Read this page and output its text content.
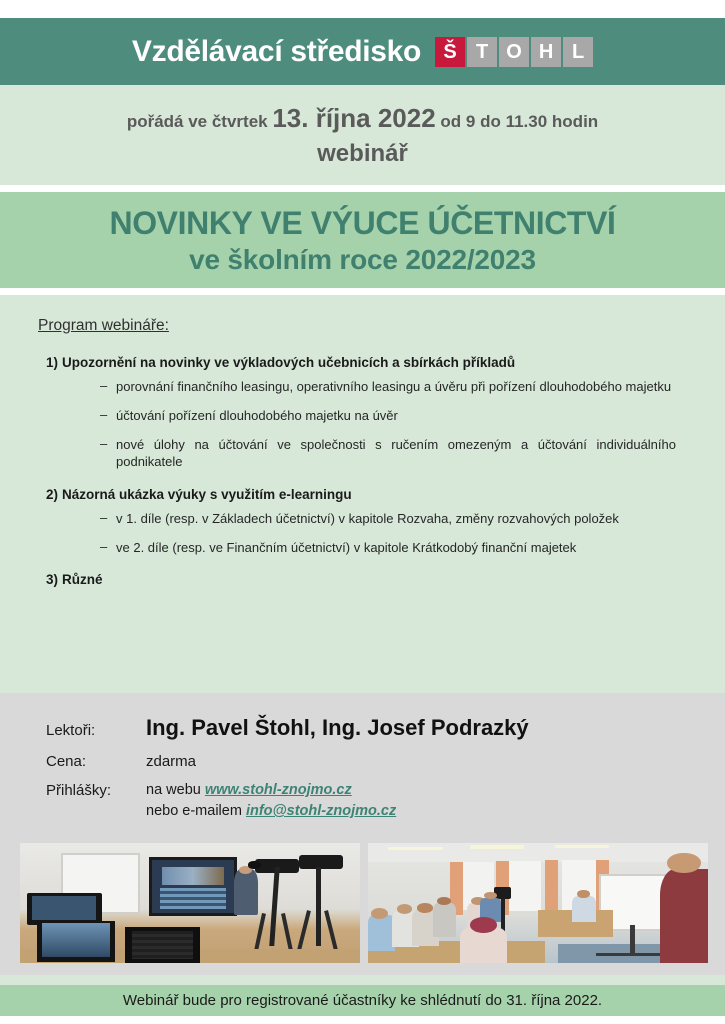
Vzdělávací středisko	Š T O H L
pořádá ve čtvrtek 13. října 2022 od 9 do 11.30 hodin
webinář
NOVINKY VE VÝUCE ÚČETNICTVÍ
ve školním roce 2022/2023
Program webináře:
1) Upozornění na novinky ve výkladových učebnicích a sbírkách příkladů
– porovnání finančního leasingu, operativního leasingu a úvěru při pořízení dlouhodobého majetku
– účtování pořízení dlouhodobého majetku na úvěr
– nové úlohy na účtování ve společnosti s ručením omezeným a účtování individuálního podnikatele
2) Názorná ukázka výuky s využitím e-learningu
– v 1. díle (resp. v Základech účetnictví) v kapitole Rozvaha, změny rozvahových položek
– ve 2. díle (resp. ve Finančním účetnictví) v kapitole Krátkodobý finanční majetek
3) Různé
Lektoři:	Ing. Pavel Štohl, Ing. Josef Podrazký
Cena:	zdarma
Přihlášky:	na webu www.stohl-znojmo.cz
nebo e-mailem info@stohl-znojmo.cz
Webinář bude pro registrované účastníky ke shlédnutí do 31. října 2022.
